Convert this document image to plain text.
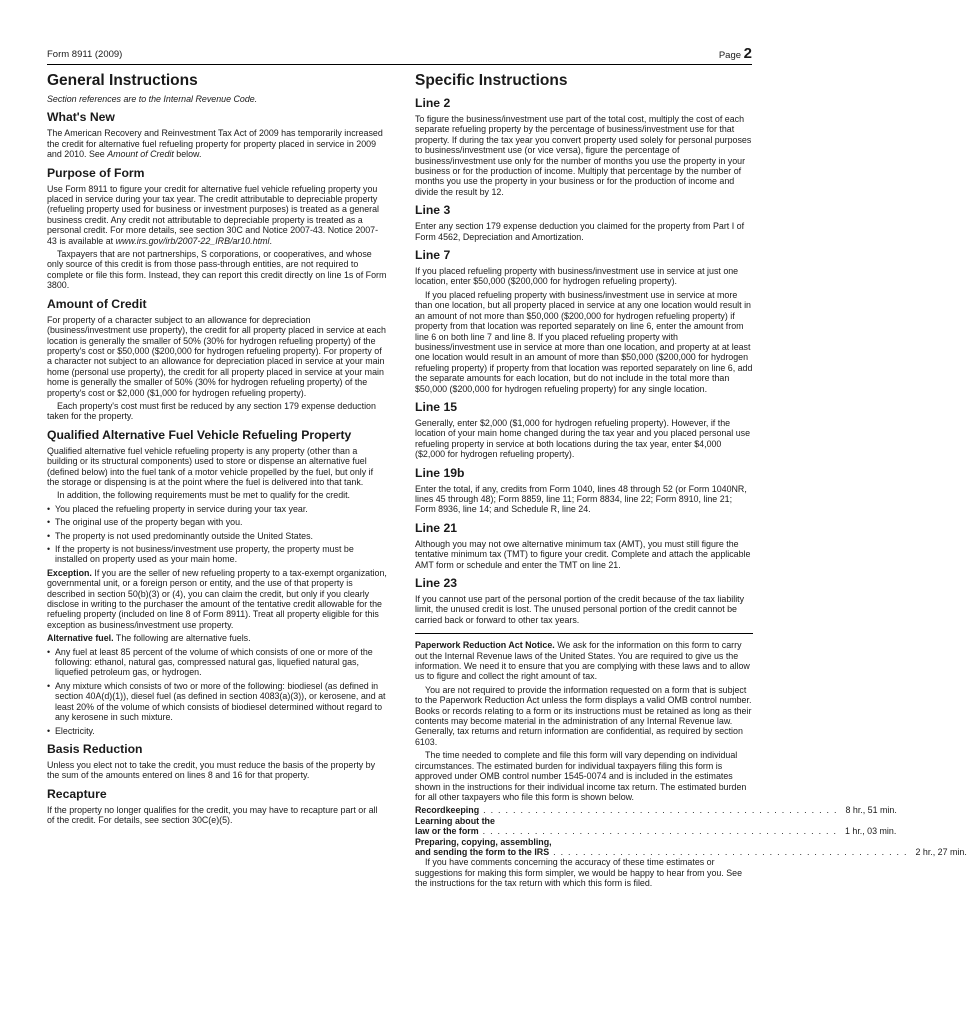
Form 8911 (2009)	Page 2
General Instructions

Section references are to the Internal Revenue Code.

What's New

The American Recovery and Reinvestment Tax Act of 2009 has temporarily increased the credit for alternative fuel refueling property for property placed in service in 2009 and 2010. See Amount of Credit below.

Purpose of Form

Use Form 8911 to figure your credit for alternative fuel vehicle refueling property you placed in service during your tax year. The credit attributable to depreciable property (refueling property used for business or investment purposes) is treated as a general business credit. Any credit not attributable to depreciable property is treated as a personal credit. For more details, see section 30C and Notice 2007-43. Notice 2007-43 is available at www.irs.gov/irb/2007-22_IRB/ar10.html.

Taxpayers that are not partnerships, S corporations, or cooperatives, and whose only source of this credit is from those pass-through entities, are not required to complete or file this form. Instead, they can report this credit directly on line 1s of Form 3800.

Amount of Credit

For property of a character subject to an allowance for depreciation (business/investment use property), the credit for all property placed in service at each location is generally the smaller of 50% (30% for hydrogen refueling property) of the property's cost or $50,000 ($200,000 for hydrogen refueling property). For property of a character not subject to an allowance for depreciation placed in service at your main home (personal use property), the credit for all property placed in service at your main home is generally the smaller of 50% (30% for hydrogen refueling property) of the property's cost or $2,000 ($1,000 for hydrogen refueling property).

Each property's cost must first be reduced by any section 179 expense deduction taken for the property.

Qualified Alternative Fuel Vehicle Refueling Property

Qualified alternative fuel vehicle refueling property is any property (other than a building or its structural components) used to store or dispense an alternative fuel (defined below) into the fuel tank of a motor vehicle propelled by the fuel, but only if the storage or dispensing is at the point where the fuel is delivered into that tank.

In addition, the following requirements must be met to qualify for the credit.

• You placed the refueling property in service during your tax year.

• The original use of the property began with you.

• The property is not used predominantly outside the United States.

• If the property is not business/investment use property, the property must be installed on property used as your main home.

Exception. If you are the seller of new refueling property to a tax-exempt organization, governmental unit, or a foreign person or entity, and the use of that property is described in section 50(b)(3) or (4), you can claim the credit, but only if you clearly disclose in writing to the purchaser the amount of the tentative credit allowable for the refueling property (included on line 8 of Form 8911). Treat all property eligible for this exception as business/investment use property.

Alternative fuel. The following are alternative fuels.

• Any fuel at least 85 percent of the volume of which consists of one or more of the following: ethanol, natural gas, compressed natural gas, liquefied natural gas, liquefied petroleum gas, or hydrogen.

• Any mixture which consists of two or more of the following: biodiesel (as defined in section 40A(d)(1)), diesel fuel (as defined in section 4083(a)(3)), or kerosene, and at least 20% of the volume of which consists of biodiesel determined without regard to any kerosene in such mixture.

• Electricity.

Basis Reduction

Unless you elect not to take the credit, you must reduce the basis of the property by the sum of the amounts entered on lines 8 and 16 for that property.

Recapture

If the property no longer qualifies for the credit, you may have to recapture part or all of the credit. For details, see section 30C(e)(5).

Specific Instructions
Line 2

To figure the business/investment use part of the total cost, multiply the cost of each separate refueling property by the percentage of business/investment use for that property. If during the tax year you convert property used solely for personal purposes to business/investment use (or vice versa), figure the percentage of business/investment use only for the number of months you use the property in your business or for the production of income. Multiply that percentage by the number of months you use the property in your business or for the production of income and divide the result by 12.

Line 3

Enter any section 179 expense deduction you claimed for the property from Part I of Form 4562, Depreciation and Amortization.

Line 7

If you placed refueling property with business/investment use in service at just one location, enter $50,000 ($200,000 for hydrogen refueling property).

If you placed refueling property with business/investment use in service at more than one location, but all property placed in service at any one location would result in an amount of not more than $50,000 ($200,000 for hydrogen refueling property) if property from that location was reported separately on line 6, enter the amount from line 6 on both line 7 and line 8. If you placed refueling property with business/investment use in service at more than one location, and property at at least one location would result in an amount of more than $50,000 ($200,000 for hydrogen refueling property) if property from that location was reported separately on line 6, add the separate amounts for each location, but do not include in the total more than $50,000 ($200,000 for hydrogen refueling property) for any single location.

Line 15

Generally, enter $2,000 ($1,000 for hydrogen refueling property). However, if the location of your main home changed during the tax year and you placed personal use refueling property in service at both locations during the tax year, enter $4,000 ($2,000 for hydrogen refueling property).

Line 19b

Enter the total, if any, credits from Form 1040, lines 48 through 52 (or Form 1040NR, lines 45 through 48); Form 8859, line 11; Form 8834, line 22; Form 8910, line 21; Form 8936, line 14; and Schedule R, line 24.

Line 21

Although you may not owe alternative minimum tax (AMT), you must still figure the tentative minimum tax (TMT) to figure your credit. Complete and attach the applicable AMT form or schedule and enter the TMT on line 21.

Line 23

If you cannot use part of the personal portion of the credit because of the tax liability limit, the unused credit is lost. The unused personal portion of the credit cannot be carried back or forward to other tax years.

Paperwork Reduction Act Notice. We ask for the information on this form to carry out the Internal Revenue laws of the United States. You are required to give us the information. We need it to ensure that you are complying with these laws and to allow us to figure and collect the right amount of tax.

You are not required to provide the information requested on a form that is subject to the Paperwork Reduction Act unless the form displays a valid OMB control number. Books or records relating to a form or its instructions must be retained as long as their contents may become material in the administration of any Internal Revenue law. Generally, tax returns and return information are confidential, as required by section 6103.

The time needed to complete and file this form will vary depending on individual circumstances. The estimated burden for individual taxpayers filing this form is approved under OMB control number 1545-0074 and is included in the estimates shown in the instructions for their individual income tax return. The estimated burden for all other taxpayers who file this form is shown below.

Recordkeeping ................................................ 8 hr., 51 min.

Learning about the

law or the form ................................................ 1 hr., 03 min.

Preparing, copying, assembling,

and sending the form to the IRS ................................................ 2 hr., 27 min.

If you have comments concerning the accuracy of these time estimates or suggestions for making this form simpler, we would be happy to hear from you. See the instructions for the tax return with which this form is filed.
